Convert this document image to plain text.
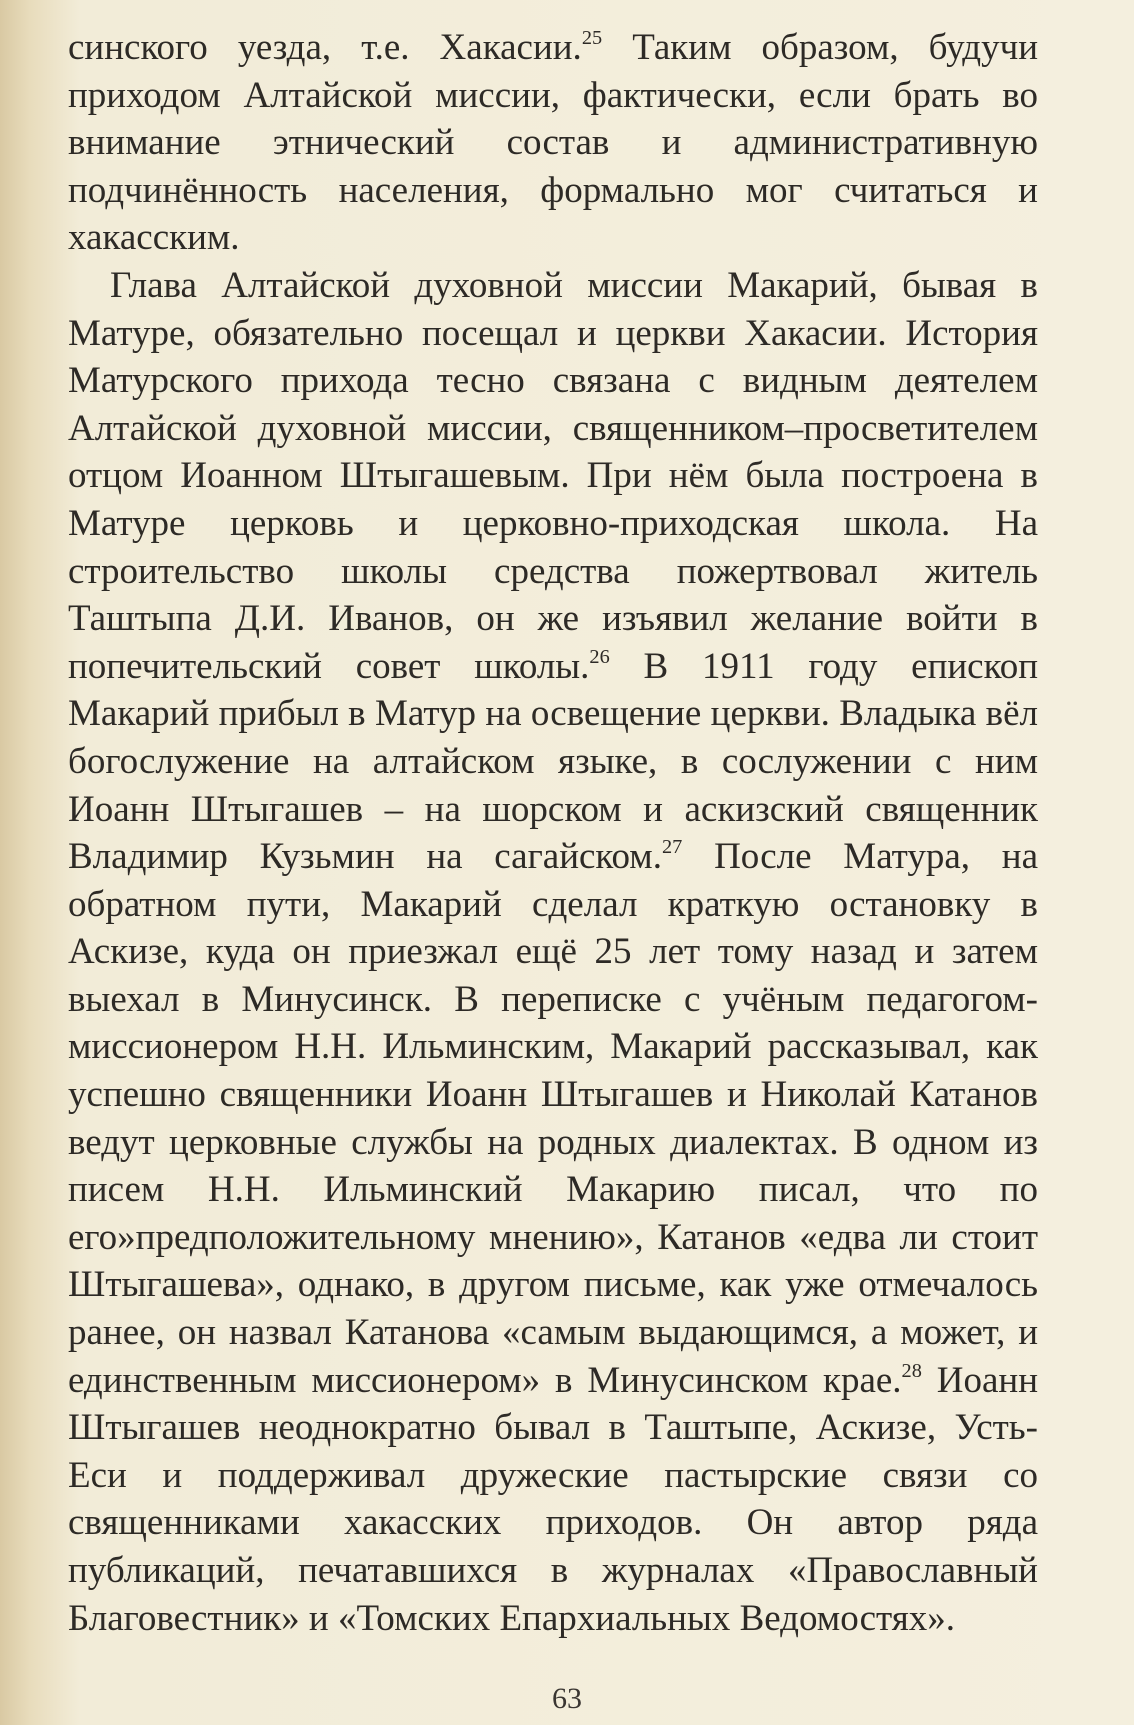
синского уезда, т.е. Хакасии.$^{25}$ Таким образом, будучи приходом Алтайской миссии, фактически, если брать во внимание этнический состав и административную подчинённость населения, формально мог считаться и хакасским.

Глава Алтайской духовной миссии Макарий, бывая в Матуре, обязательно посещал и церкви Хакасии. История Матурского прихода тесно связана с видным деятелем Алтайской духовной миссии, священником–просветителем отцом Иоанном Штыгашевым. При нём была построена в Матуре церковь и церковно-приходская школа. На строительство школы средства пожертвовал житель Таштыпа Д.И. Иванов, он же изъявил желание войти в попечительский совет школы.$^{26}$ В 1911 году епископ Макарий прибыл в Матур на освещение церкви. Владыка вёл богослужение на алтайском языке, в сослужении с ним Иоанн Штыгашев – на шорском и аскизский священник Владимир Кузьмин на сагайском.$^{27}$ После Матура, на обратном пути, Макарий сделал краткую остановку в Аскизе, куда он приезжал ещё 25 лет тому назад и затем выехал в Минусинск. В переписке с учёным педагогом-миссионером Н.Н. Ильминским, Макарий рассказывал, как успешно священники Иоанн Штыгашев и Николай Катанов ведут церковные службы на родных диалектах. В одном из писем Н.Н. Ильминский Макарию писал, что по его»предположительному мнению», Катанов «едва ли стоит Штыгашева», однако, в другом письме, как уже отмечалось ранее, он назвал Катанова «самым выдающимся, а может, и единственным миссионером» в Минусинском крае.$^{28}$ Иоанн Штыгашев неоднократно бывал в Таштыпе, Аскизе, Усть-Еси и поддерживал дружеские пастырские связи со священниками хакасских приходов. Он автор ряда публикаций, печатавшихся в журналах «Православный Благовестник» и «Томских Епархиальных Ведомостях».

63
